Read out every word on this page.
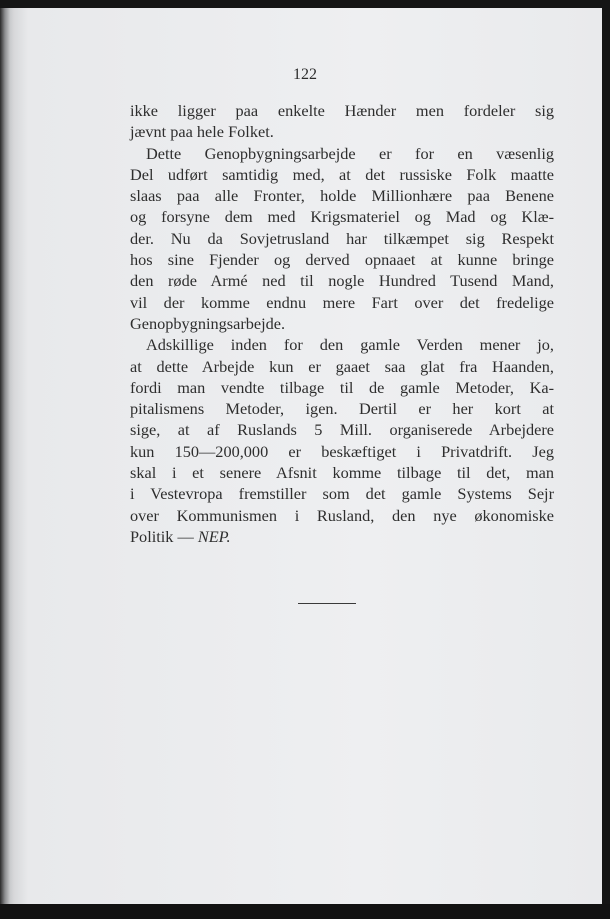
122
ikke ligger paa enkelte Hænder men fordeler sig
jævnt paa hele Folket.
Dette Genopbygningsarbejde er for en væsenlig
Del udført samtidig med, at det russiske Folk maatte
slaas paa alle Fronter, holde Millionhære paa Benene
og forsyne dem med Krigsmateriel og Mad og Klæ-
der. Nu da Sovjetrusland har tilkæmpet sig Respekt
hos sine Fjender og derved opnaaet at kunne bringe
den røde Armé ned til nogle Hundred Tusend Mand,
vil der komme endnu mere Fart over det fredelige
Genopbygningsarbejde.
Adskillige inden for den gamle Verden mener jo,
at dette Arbejde kun er gaaet saa glat fra Haanden,
fordi man vendte tilbage til de gamle Metoder, Ka-
pitalismens Metoder, igen. Dertil er her kort at
sige, at af Ruslands 5 Mill. organiserede Arbejdere
kun 150—200,000 er beskæftiget i Privatdrift. Jeg
skal i et senere Afsnit komme tilbage til det, man
i Vestevropa fremstiller som det gamle Systems Sejr
over Kommunismen i Rusland, den nye økonomiske
Politik — NEP.
